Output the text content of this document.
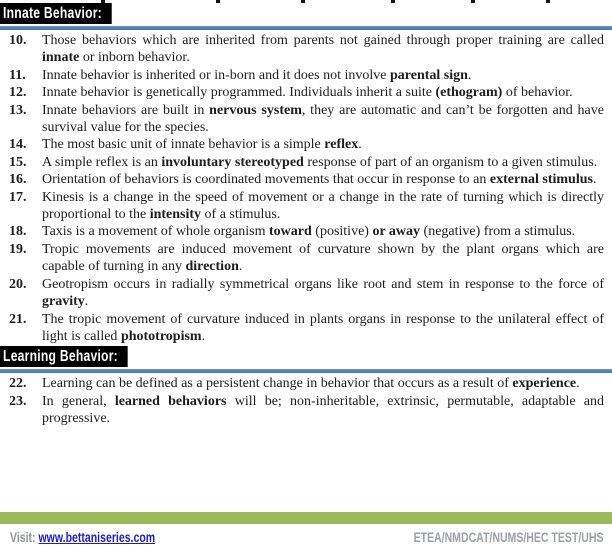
Innate Behavior:
10.	Those behaviors which are inherited from parents not gained through proper training are called innate or inborn behavior.
11.	Innate behavior is inherited or in-born and it does not involve parental sign.
12.	Innate behavior is genetically programmed. Individuals inherit a suite (ethogram) of behavior.
13.	Innate behaviors are built in nervous system, they are automatic and can’t be forgotten and have survival value for the species.
14.	The most basic unit of innate behavior is a simple reflex.
15.	A simple reflex is an involuntary stereotyped response of part of an organism to a given stimulus.
16.	Orientation of behaviors is coordinated movements that occur in response to an external stimulus.
17.	Kinesis is a change in the speed of movement or a change in the rate of turning which is directly proportional to the intensity of a stimulus.
18.	Taxis is a movement of whole organism toward (positive) or away (negative) from a stimulus.
19.	Tropic movements are induced movement of curvature shown by the plant organs which are capable of turning in any direction.
20.	Geotropism occurs in radially symmetrical organs like root and stem in response to the force of gravity.
21.	The tropic movement of curvature induced in plants organs in response to the unilateral effect of light is called phototropism.
Learning Behavior:
22.	Learning can be defined as a persistent change in behavior that occurs as a result of experience.
23.	In general, learned behaviors will be; non-inheritable, extrinsic, permutable, adaptable and progressive.
Visit: www.bettaniseries.com	ETEA/NMDCAT/NUMS/HEC TEST/UHS
